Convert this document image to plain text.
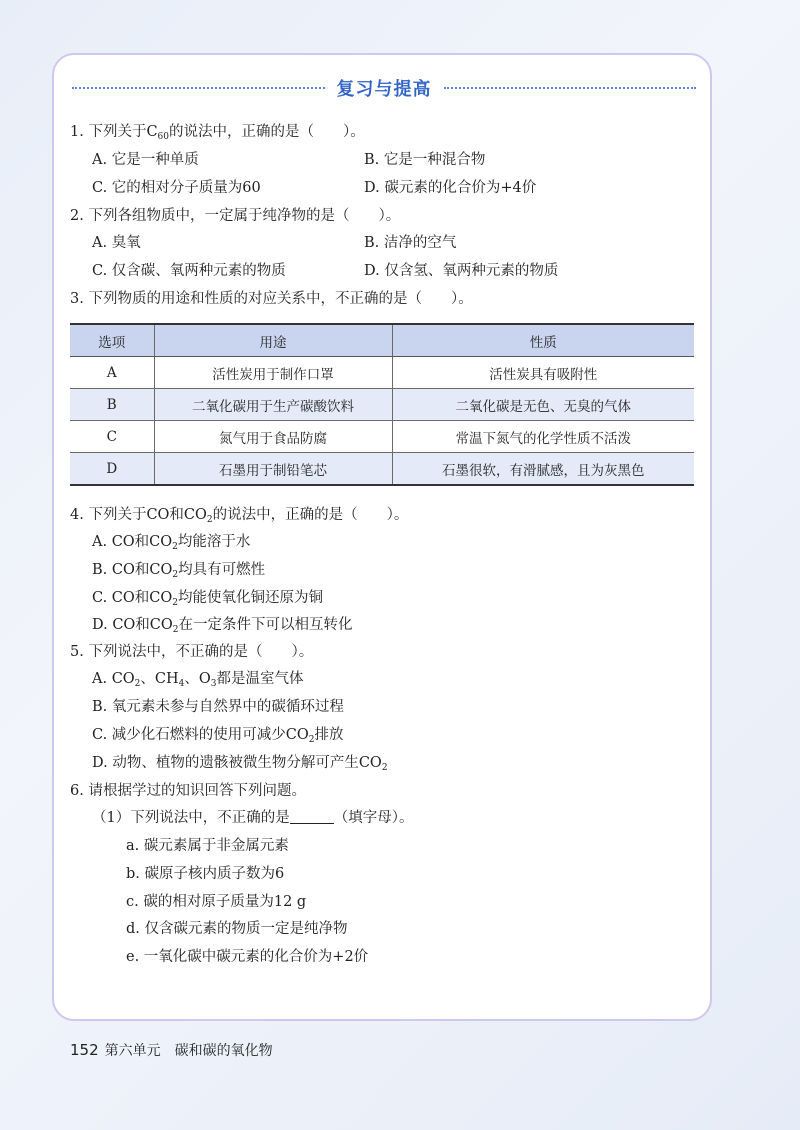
复习与提高
1. 下列关于$C_{60}$的说法中，正确的是（　　）。
A. 它是一种单质	B. 它是一种混合物
C. 它的相对分子质量为60	D. 碳元素的化合价为+4价
2. 下列各组物质中，一定属于纯净物的是（　　）。
A. 臭氧	B. 洁净的空气
C. 仅含碳、氧两种元素的物质	D. 仅含氢、氧两种元素的物质
3. 下列物质的用途和性质的对应关系中，不正确的是（　　）。
选项	用途	性质
A	活性炭用于制作口罩	活性炭具有吸附性
B	二氧化碳用于生产碳酸饮料	二氧化碳是无色、无臭的气体
C	氮气用于食品防腐	常温下氮气的化学性质不活泼
D	石墨用于制铅笔芯	石墨很软，有滑腻感，且为灰黑色
4. 下列关于CO和$CO_2$的说法中，正确的是（　　）。
A. CO和$CO_2$均能溶于水
B. CO和$CO_2$均具有可燃性
C. CO和$CO_2$均能使氧化铜还原为铜
D. CO和$CO_2$在一定条件下可以相互转化
5. 下列说法中，不正确的是（　　）。
A. $CO_2$、$CH_4$、$O_3$都是温室气体
B. 氧元素未参与自然界中的碳循环过程
C. 减少化石燃料的使用可减少$CO_2$排放
D. 动物、植物的遗骸被微生物分解可产生$CO_2$
6. 请根据学过的知识回答下列问题。
（1）下列说法中，不正确的是	（填字母）。
a. 碳元素属于非金属元素
b. 碳原子核内质子数为6
c. 碳的相对原子质量为12 g
d. 仅含碳元素的物质一定是纯净物
e. 一氧化碳中碳元素的化合价为+2价
152 第六单元　碳和碳的氧化物
